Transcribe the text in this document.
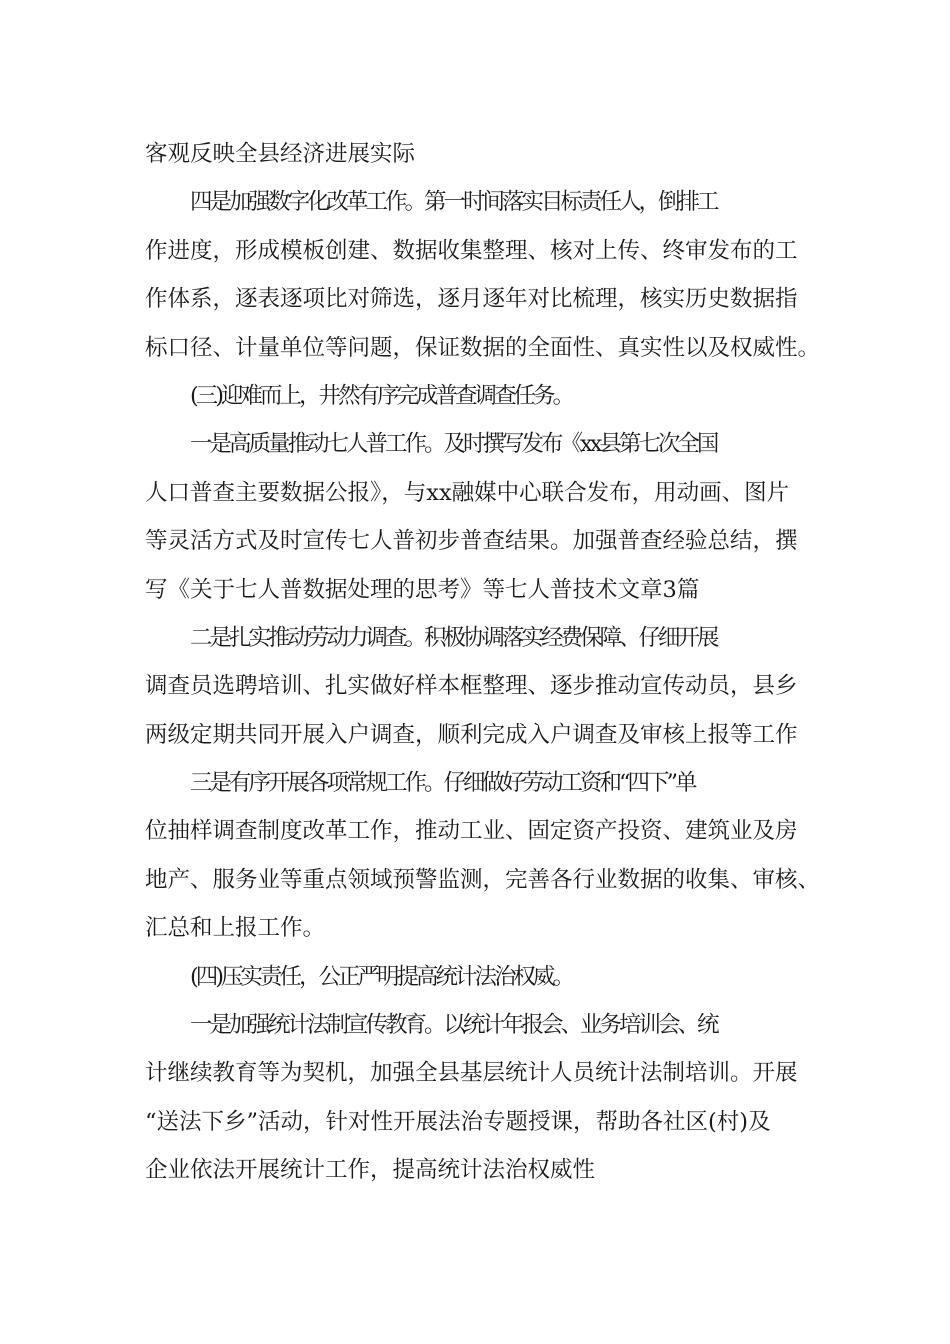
客观反映全县经济进展实际
四是加强数字化改革工作。第一时间落实目标责任人，倒排工
作进度，形成模板创建、数据收集整理、核对上传、终审发布的工
作体系，逐表逐项比对筛选，逐月逐年对比梳理，核实历史数据指
标口径、计量单位等问题，保证数据的全面性、真实性以及权威性。
(三)迎难而上，井然有序完成普查调查任务。
一是高质量推动七人普工作。及时撰写发布《xx县第七次全国
人口普查主要数据公报》，与xx融媒中心联合发布，用动画、图片
等灵活方式及时宣传七人普初步普查结果。加强普查经验总结，撰
写《关于七人普数据处理的思考》等七人普技术文章3篇
二是扎实推动劳动力调查。积极协调落实经费保障、仔细开展
调查员选聘培训、扎实做好样本框整理、逐步推动宣传动员，县乡
两级定期共同开展入户调查，顺利完成入户调查及审核上报等工作
三是有序开展各项常规工作。仔细做好劳动工资和“四下”单
位抽样调查制度改革工作，推动工业、固定资产投资、建筑业及房
地产、服务业等重点领域预警监测，完善各行业数据的收集、审核、
汇总和上报工作。
(四)压实责任，公正严明提高统计法治权威。
一是加强统计法制宣传教育。以统计年报会、业务培训会、统
计继续教育等为契机，加强全县基层统计人员统计法制培训。开展
“送法下乡”活动，针对性开展法治专题授课，帮助各社区(村)及
企业依法开展统计工作，提高统计法治权威性
